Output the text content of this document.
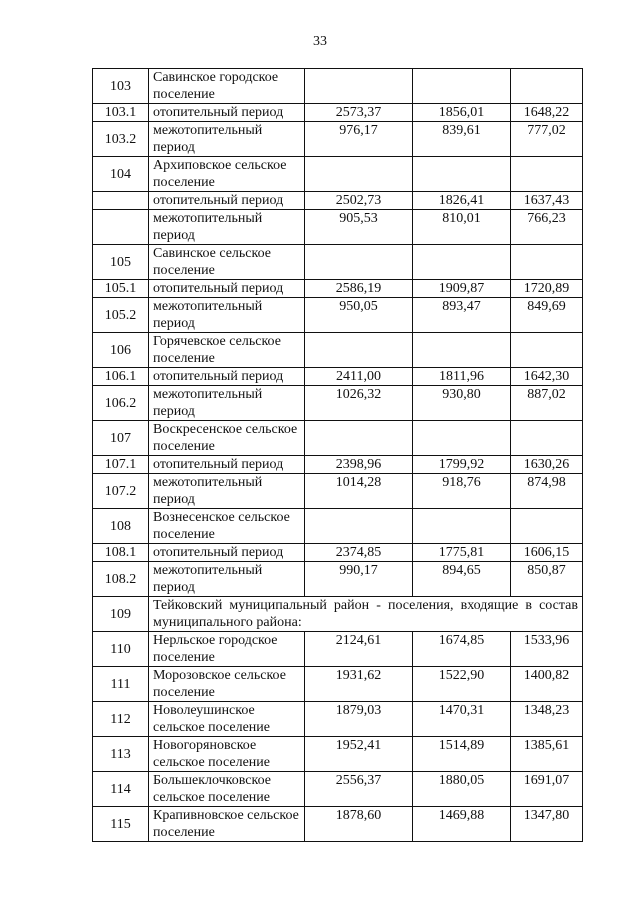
33
103	Савинское городское поселение			
103.1	отопительный период	2573,37	1856,01	1648,22
103.2	межотопительный период	976,17	839,61	777,02
104	Архиповское сельское поселение			
	отопительный период	2502,73	1826,41	1637,43
	межотопительный период	905,53	810,01	766,23
105	Савинское сельское поселение			
105.1	отопительный период	2586,19	1909,87	1720,89
105.2	межотопительный период	950,05	893,47	849,69
106	Горячевское сельское поселение			
106.1	отопительный период	2411,00	1811,96	1642,30
106.2	межотопительный период	1026,32	930,80	887,02
107	Воскресенское сельское поселение			
107.1	отопительный период	2398,96	1799,92	1630,26
107.2	межотопительный период	1014,28	918,76	874,98
108	Вознесенское сельское поселение			
108.1	отопительный период	2374,85	1775,81	1606,15
108.2	межотопительный период	990,17	894,65	850,87
109	Тейковский муниципальный район - поселения, входящие в состав муниципального района:			
110	Нерльское городское поселение	2124,61	1674,85	1533,96
111	Морозовское сельское поселение	1931,62	1522,90	1400,82
112	Новолеушинское сельское поселение	1879,03	1470,31	1348,23
113	Новогоряновское сельское поселение	1952,41	1514,89	1385,61
114	Большеклочковское сельское поселение	2556,37	1880,05	1691,07
115	Крапивновское сельское поселение	1878,60	1469,88	1347,80
